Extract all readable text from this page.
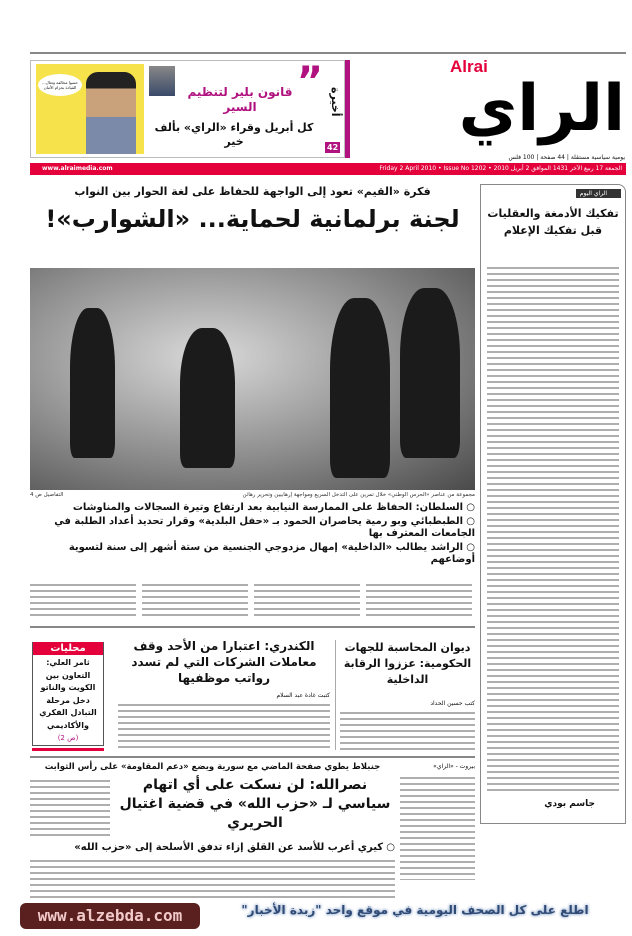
Alrai
الراي
يومية سياسية مستقلة | 44 صفحة | 100 فلس
حسوا مخالفة وتعال... القيادة بحزام الأمان	”
قانون بلير لتنظيم السير
كل أبريل وقراء «الراي» بألف خير
أخيرة
42
الجمعة 17 ربيع الآخر 1431 الموافق 2 أبريل 2010 • Friday 2 April 2010 • Issue No 1202
www.alraimedia.com
الراي اليوم
تفكيك الأدمغة والعقليات قبل تفكيك الإعلام
جاسم بودي
فكرة «القيم» تعود إلى الواجهة للحفاظ على لغة الحوار بين النواب
لجنة برلمانية لحماية... «الشوارب»!
مجموعة من عناصر «الحرس الوطني» خلال تمرين على التدخل السريع ومواجهة إرهابيين وتحرير رهائن
التفاصيل ص 4
○ السلطان: الحفاظ على الممارسة النيابية بعد ارتفاع وتيرة السجالات والمناوشات
○ الطبطبائي وبو رمية يحاصران الحمود بـ «حفل البلدية» وقرار تحديد أعداد الطلبة في الجامعات المعترف بها
○ الراشد يطالب «الداخلية» إمهال مزدوجي الجنسية من ستة أشهر إلى سنة لتسوية أوضاعهم
محليات
ثامر العلي: التعاون بين الكويت والناتو دخل مرحلة التبادل الفكري والأكاديمي
(ص 2)
الكندري: اعتبارا من الأحد وقف معاملات الشركات التي لم تسدد رواتب موظفيها
كتبت غادة عبد السلام
ديوان المحاسبة للجهات الحكومية: عززوا الرقابة الداخلية
كتب حسين الحداد
بيروت - «الراي»
جنبلاط يطوي صفحة الماضي مع سورية ويضع «دعم المقاومة» على رأس الثوابت
نصرالله: لن نسكت على أي اتهام سياسي لـ «حزب الله» في قضية اغتيال الحريري
○ كيري أعرب للأسد عن القلق إزاء تدفق الأسلحة إلى «حزب الله»
www.alzebda.com	اطلع على كل الصحف اليومية في موقع واحد "زبدة الأخبار"
